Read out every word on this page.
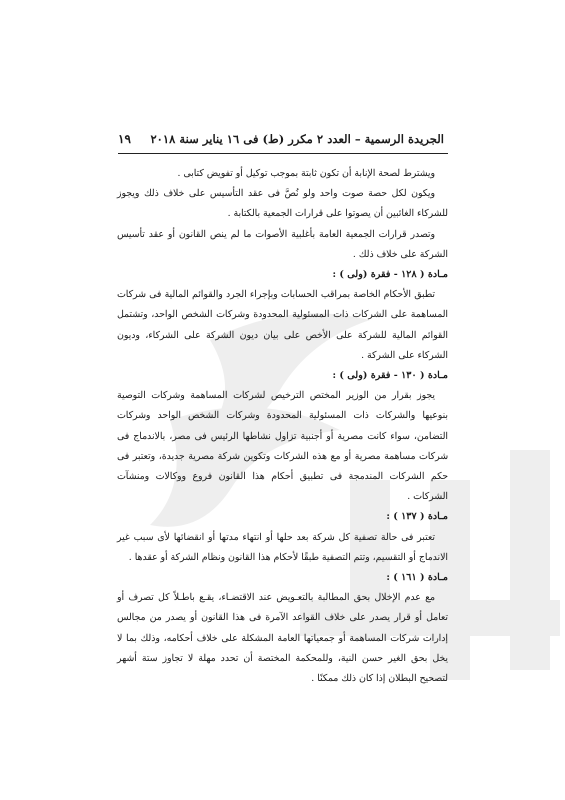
الجريدة الرسمية – العدد ٢ مكرر (ط) فى ١٦ يناير سنة ٢٠١٨
١٩

ويشترط لصحة الإنابة أن تكون ثابتة بموجب توكيل أو تفويض كتابى .

ويكون لكل حصة صوت واحد ولو نُصَّ فى عقد التأسيس على خلاف ذلك ويجوز للشركاء الغائبين أن يصوتوا على قرارات الجمعية بالكتابة .

وتصدر قرارات الجمعية العامة بأغلبية الأصوات ما لم ينص القانون أو عقد تأسيس الشركة على خلاف ذلك .

مـادة ( ١٢٨ - فقرة (ولى ) :

تطبق الأحكام الخاصة بمراقب الحسابات وبإجراء الجرد والقوائم المالية فى شركات المساهمة على الشركات ذات المسئولية المحدودة وشركات الشخص الواحد، وتشتمل القوائم المالية للشركة على الأخص على بيان ديون الشركة على الشركاء، وديون الشركاء على الشركة .

مـادة ( ١٣٠ - فقرة (ولى ) :

يجوز بقرار من الوزير المختص الترخيص لشركات المساهمة وشركات التوصية بنوعيها والشركات ذات المسئولية المحدودة وشركات الشخص الواحد وشركات التضامن، سواء كانت مصرية أو أجنبية تزاول نشاطها الرئيس فى مصر، بالاندماج فى شركات مساهمة مصرية أو مع هذه الشركات وتكوين شركة مصرية جديدة، وتعتبر فى حكم الشركات المندمجة فى تطبيق أحكام هذا القانون فروع ووكالات ومنشآت الشركات .

مـادة ( ١٣٧ ) :

تعتبر فى حالة تصفية كل شركة بعد حلها أو انتهاء مدتها أو انقضائها لأى سبب غير الاندماج أو التقسيم، وتتم التصفية طبقًا لأحكام هذا القانون ونظام الشركة أو عقدها .

مـادة ( ١٦١ ) :

مع عدم الإخلال بحق المطالبة بالتعـويض عند الاقتضـاء، يقـع باطـلاً كل تصرف أو تعامل أو قرار يصدر على خلاف القواعد الآمرة فى هذا القانون أو يصدر من مجالس إدارات شركات المساهمة أو جمعياتها العامة المشكلة على خلاف أحكامه، وذلك بما لا يخل بحق الغير حسن النية، وللمحكمة المختصة أن تحدد مهلة لا تجاوز ستة أشهر لتصحيح البطلان إذا كان ذلك ممكنًا .
